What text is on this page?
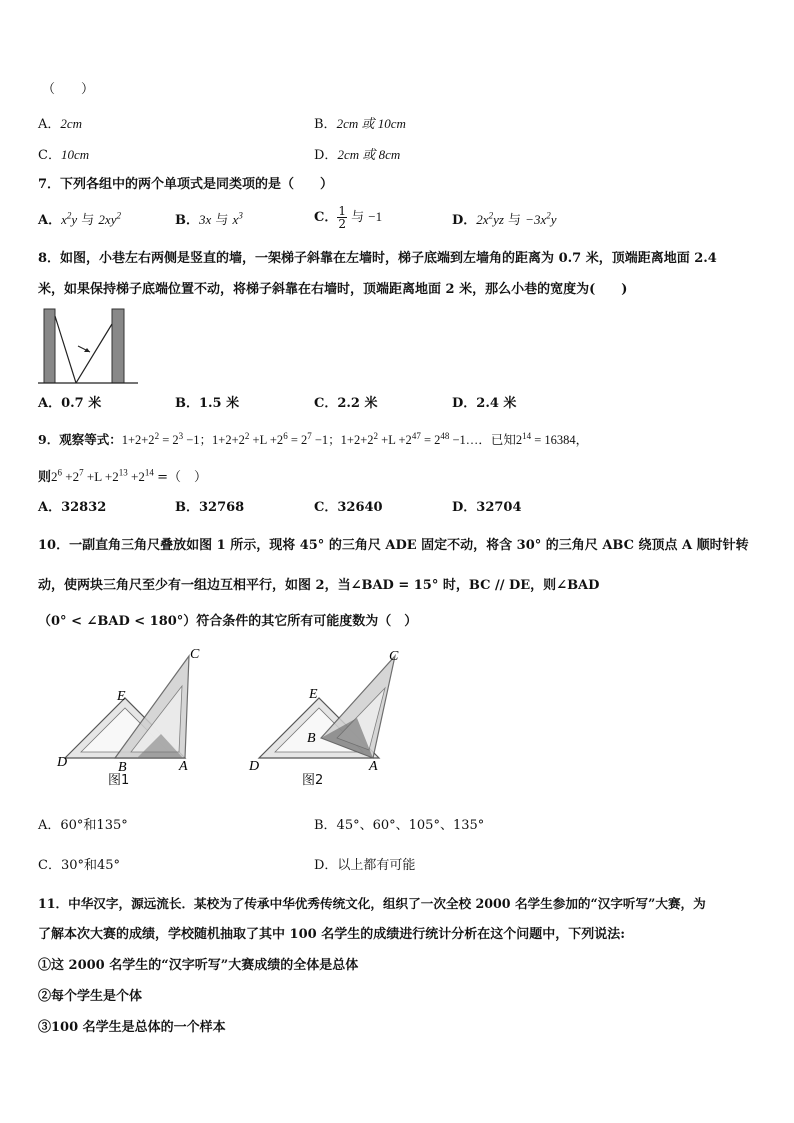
（　　）
A．2cm	B．2cm 或 10cm
C．10cm	D．2cm 或 8cm
7．下列各组中的两个单项式是同类项的是（　　）
A．$x^2y$ 与 $2xy^2$	B．3x 与 $x^3$	C． $\frac{1}{2}$ 与 −1	D．$2x^2yz$ 与 $-3x^2y$
8．如图，小巷左右两侧是竖直的墙，一架梯子斜靠在左墙时，梯子底端到左墙角的距离为 0.7 米，顶端距离地面 2.4
米，如果保持梯子底端位置不动，将梯子斜靠在右墙时，顶端距离地面 2 米，那么小巷的宽度为(　　)
A．0.7 米	B．1.5 米	C．2.2 米	D．2.4 米
9．观察等式：$1+2+2^2 = 2^3 -1$；$1+2+2^2 +L +2^6 = 2^7 -1$；$1+2+2^2 +L +2^{47} = 2^{48}$ −1…．已知$2^{14} = 16384$，
则$2^6 +2^7 +L +2^{13} +2^{14}$ =（　）
A．32832	B．32768	C．32640	D．32704
10．一副直角三角尺叠放如图 1 所示，现将 45° 的三角尺 ADE 固定不动，将含 30° 的三角尺 ABC 绕顶点 A 顺时针转
动，使两块三角尺至少有一组边互相平行，如图 2，当∠BAD = 15° 时，BC // DE，则∠BAD
（0° < ∠BAD < 180°）符合条件的其它所有可能度数为（　）
C
E
D	B	A
图1
C
E
D
B
A
图2
A．60°和135°	B．45°、60°、105°、135°
C．30°和45°	D．以上都有可能
11．中华汉字，源远流长．某校为了传承中华优秀传统文化，组织了一次全校 2000 名学生参加的“汉字听写”大赛，为
了解本次大赛的成绩，学校随机抽取了其中 100 名学生的成绩进行统计分析在这个问题中，下列说法:
①这 2000 名学生的“汉字听写”大赛成绩的全体是总体
②每个学生是个体
③100 名学生是总体的一个样本
